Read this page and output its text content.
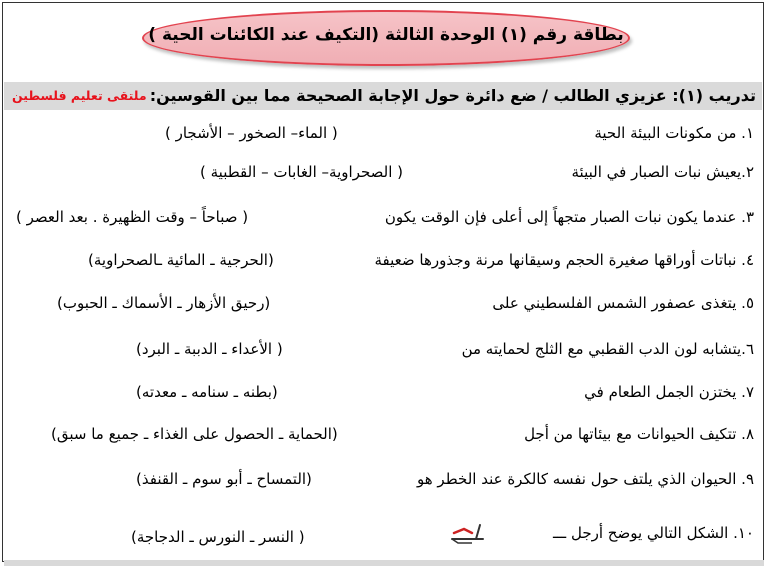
بطاقة رقم (١) الوحدة الثالثة (التكيف عند الكائنات الحية )
تدريب (١): عزيزي الطالب / ضع دائرة حول الإجابة الصحيحة مما بين القوسين:
ملتقى تعليم فلسطين
١. من مكونات البيئة الحية
( الماء– الصخور – الأشجار )
٢.يعيش نبات الصبار في البيئة
( الصحراوية– الغابات – القطبية )
٣. عندما يكون نبات الصبار متجهاً إلى أعلى فإن الوقت يكون
( صباحاً – وقت الظهيرة . بعد العصر )
٤. نباتات أوراقها صغيرة الحجم وسيقانها مرنة وجذورها ضعيفة
(الحرجية ـ المائية ـالصحراوية)
٥. يتغذى عصفور الشمس الفلسطيني على
(رحيق الأزهار ـ الأسماك ـ الحبوب)
٦.يتشابه لون الدب القطبي مع الثلج لحمايته من
( الأعداء ـ الدببة ـ البرد)
٧. يختزن الجمل الطعام في
(بطنه ـ سنامه ـ معدته)
٨. تتكيف الحيوانات مع بيئاتها من أجل
(الحماية ـ الحصول على الغذاء ـ جميع ما سبق)
٩. الحيوان الذي يلتف حول نفسه كالكرة عند الخطر هو
(التمساح ـ أبو سوم ـ القنفذ)
١٠. الشكل التالي يوضح أرجل ـــ
( النسر ـ النورس ـ الدجاجة)
